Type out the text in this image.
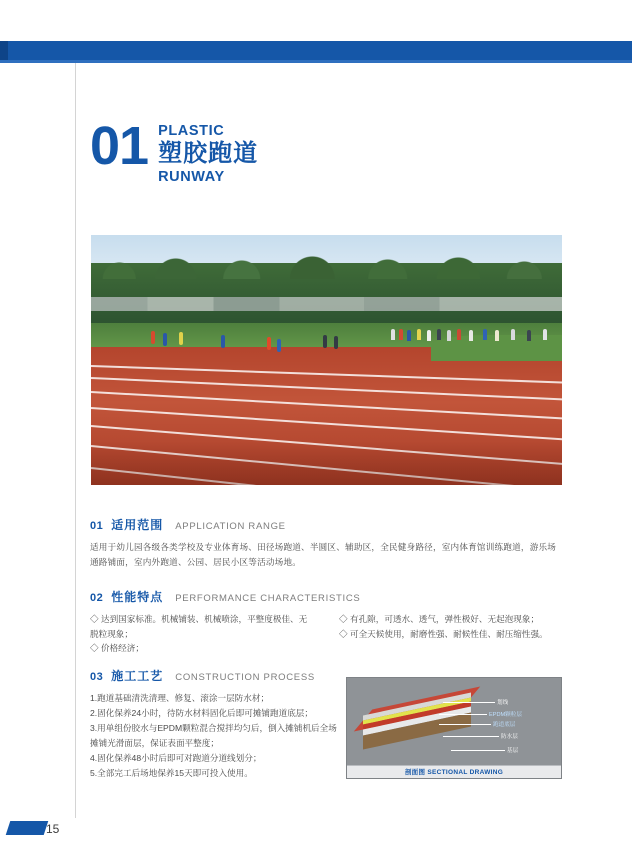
01 PLASTIC
塑胶跑道
RUNWAY
01 适用范围 APPLICATION RANGE

适用于幼儿园各级各类学校及专业体育场、田径场跑道、半圆区、辅助区，全民健身路径，室内体育馆训练跑道，游乐场通路铺面，室内外跑道、公园、居民小区等活动场地。

02 性能特点 PERFORMANCE CHARACTERISTICS

◇ 达到国家标准。机械铺装、机械喷涂，平整度极佳、无脱粒现象；

◇ 价格经济；

◇ 有孔隙，可透水、透气，弹性极好、无起泡现象；

◇ 可全天候使用，耐磨性强、耐候性佳、耐压缩性强。

03 施工工艺 CONSTRUCTION PROCESS

1.跑道基础清洗清理、修复、滚涂一层防水材；

2.固化保养24小时，待防水材料固化后即可摊铺跑道底层；

3.用单组份胶水与EPDM颗粒混合搅拌均匀后，倒入摊铺机后全场摊铺光滑面层，保证表面平整度；

4.固化保养48小时后即可对跑道分道线划分；

5.全部完工后场地保养15天即可投入使用。

划线
EPDM颗粒层
跑道底层
防水层
基层
剖面图 SECTIONAL DRAWING
15
